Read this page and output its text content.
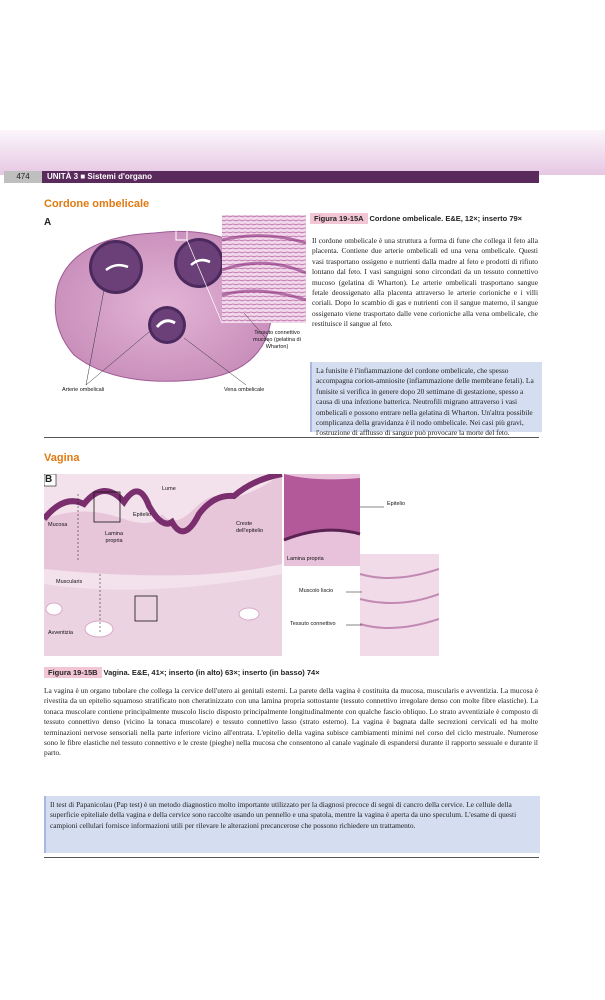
474	UNITÀ 3 ■ Sistemi d'organo
Cordone ombelicale
A
Tessuto connettivo mucoso (gelatina di Wharton)
Arterie ombelicali	Vena ombelicale
Figura 19-15A Cordone ombelicale. E&E, 12×; inserto 79×
Il cordone ombelicale è una struttura a forma di fune che collega il feto alla placenta. Contiene due arterie ombelicali ed una vena ombelicale. Questi vasi trasportano ossigeno e nutrienti dalla madre al feto e prodotti di rifiuto lontano dal feto. I vasi sanguigni sono circondati da un tessuto connettivo mucoso (gelatina di Wharton). Le arterie ombelicali trasportano sangue fetale deossigenato alla placenta attraverso le arterie corioniche e i villi coriali. Dopo lo scambio di gas e nutrienti con il sangue materno, il sangue ossigenato viene trasportato dalle vene corioniche alla vena ombelicale, che restituisce il sangue al feto.
La funisite è l'infiammazione del cordone ombelicale, che spesso accompagna corion-amniosite (infiammazione delle membrane fetali). La funisite si verifica in genere dopo 20 settimane di gestazione, spesso a causa di una infezione batterica. Neutrofili migrano attraverso i vasi ombelicali e possono entrare nella gelatina di Wharton. Un'altra possibile complicanza della gravidanza è il nodo ombelicale. Nei casi più gravi, l'ostruzione di afflusso di sangue può provocare la morte del feto.
Vagina
B
Lume
Mucosa
Epitelio
Creste dell'epitelio
Lamina propria
Muscularis
Avventizia
Epitelio
Lamina propria
Muscolo liscio
Tessuto connettivo
Figura 19-15B Vagina. E&E, 41×; inserto (in alto) 63×; inserto (in basso) 74×
La vagina è un organo tubolare che collega la cervice dell'utero ai genitali esterni. La parete della vagina è costituita da mucosa, muscularis e avventizia. La mucosa è rivestita da un epitelio squamoso stratificato non cheratinizzato con una lamina propria sottostante (tessuto connettivo irregolare denso con molte fibre elastiche). La tonaca muscolare contiene principalmente muscolo liscio disposto principalmente longitudinalmente con qualche fascio obliquo. Lo strato avventiziale è composto di tessuto connettivo denso (vicino la tonaca muscolare) e tessuto connettivo lasso (strato esterno). La vagina è bagnata dalle secrezioni cervicali ed ha molte terminazioni nervose sensoriali nella parte inferiore vicino all'entrata. L'epitelio della vagina subisce cambiamenti minimi nel corso del ciclo mestruale. Numerose sono le fibre elastiche nel tessuto connettivo e le creste (pieghe) nella mucosa che consentono al canale vaginale di espandersi durante il rapporto sessuale e durante il parto.
Il test di Papanicolau (Pap test) è un metodo diagnostico molto importante utilizzato per la diagnosi precoce di segni di cancro della cervice. Le cellule della superficie epiteliale della vagina e della cervice sono raccolte usando un pennello e una spatola, mentre la vagina è aperta da uno speculum. L'esame di questi campioni cellulari fornisce informazioni utili per rilevare le alterazioni precancerose che possono richiedere un trattamento.
